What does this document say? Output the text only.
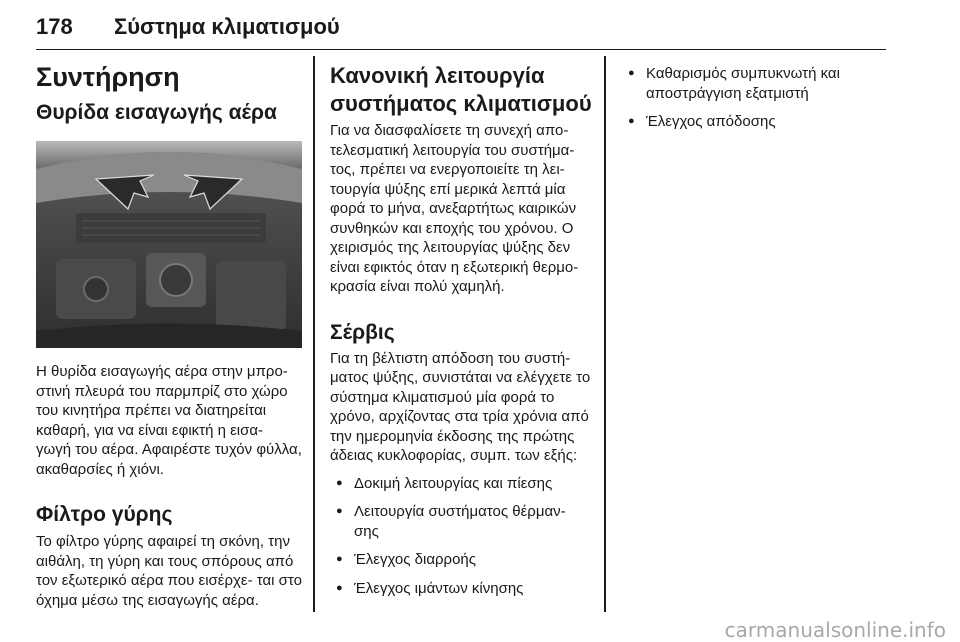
178 Σύστημα κλιματισμού
Συντήρηση
Θυρίδα εισαγωγής αέρα

Η θυρίδα εισαγωγής αέρα στην μπρο- στινή πλευρά του παρμπρίζ στο χώρο του κινητήρα πρέπει να διατηρείται καθαρή, για να είναι εφικτή η εισα- γωγή του αέρα. Αφαιρέστε τυχόν φύλλα, ακαθαρσίες ή χιόνι.

Φίλτρο γύρης

Το φίλτρο γύρης αφαιρεί τη σκόνη, την αιθάλη, τη γύρη και τους σπόρους από τον εξωτερικό αέρα που εισέρχε- ται στο όχημα μέσω της εισαγωγής αέρα.

Κανονική λειτουργία συστήματος κλιματισμού

Για να διασφαλίσετε τη συνεχή απο- τελεσματική λειτουργία του συστήμα- τος, πρέπει να ενεργοποιείτε τη λει- τουργία ψύξης επί μερικά λεπτά μία φορά το μήνα, ανεξαρτήτως καιρικών συνθηκών και εποχής του χρόνου. Ο χειρισμός της λειτουργίας ψύξης δεν είναι εφικτός όταν η εξωτερική θερμο- κρασία είναι πολύ χαμηλή.

Σέρβις

Για τη βέλτιστη απόδοση του συστή- ματος ψύξης, συνιστάται να ελέγχετε το σύστημα κλιματισμού μία φορά το χρόνο, αρχίζοντας στα τρία χρόνια από την ημερομηνία έκδοσης της πρώτης άδειας κυκλοφορίας, συμπ. των εξής:

● Δοκιμή λειτουργίας και πίεσης
● Λειτουργία συστήματος θέρμαν- σης
● Έλεγχος διαρροής
● Έλεγχος ιμάντων κίνησης
● Καθαρισμός συμπυκνωτή και αποστράγγιση εξατμιστή
● Έλεγχος απόδοσης
carmanualsonline.info
